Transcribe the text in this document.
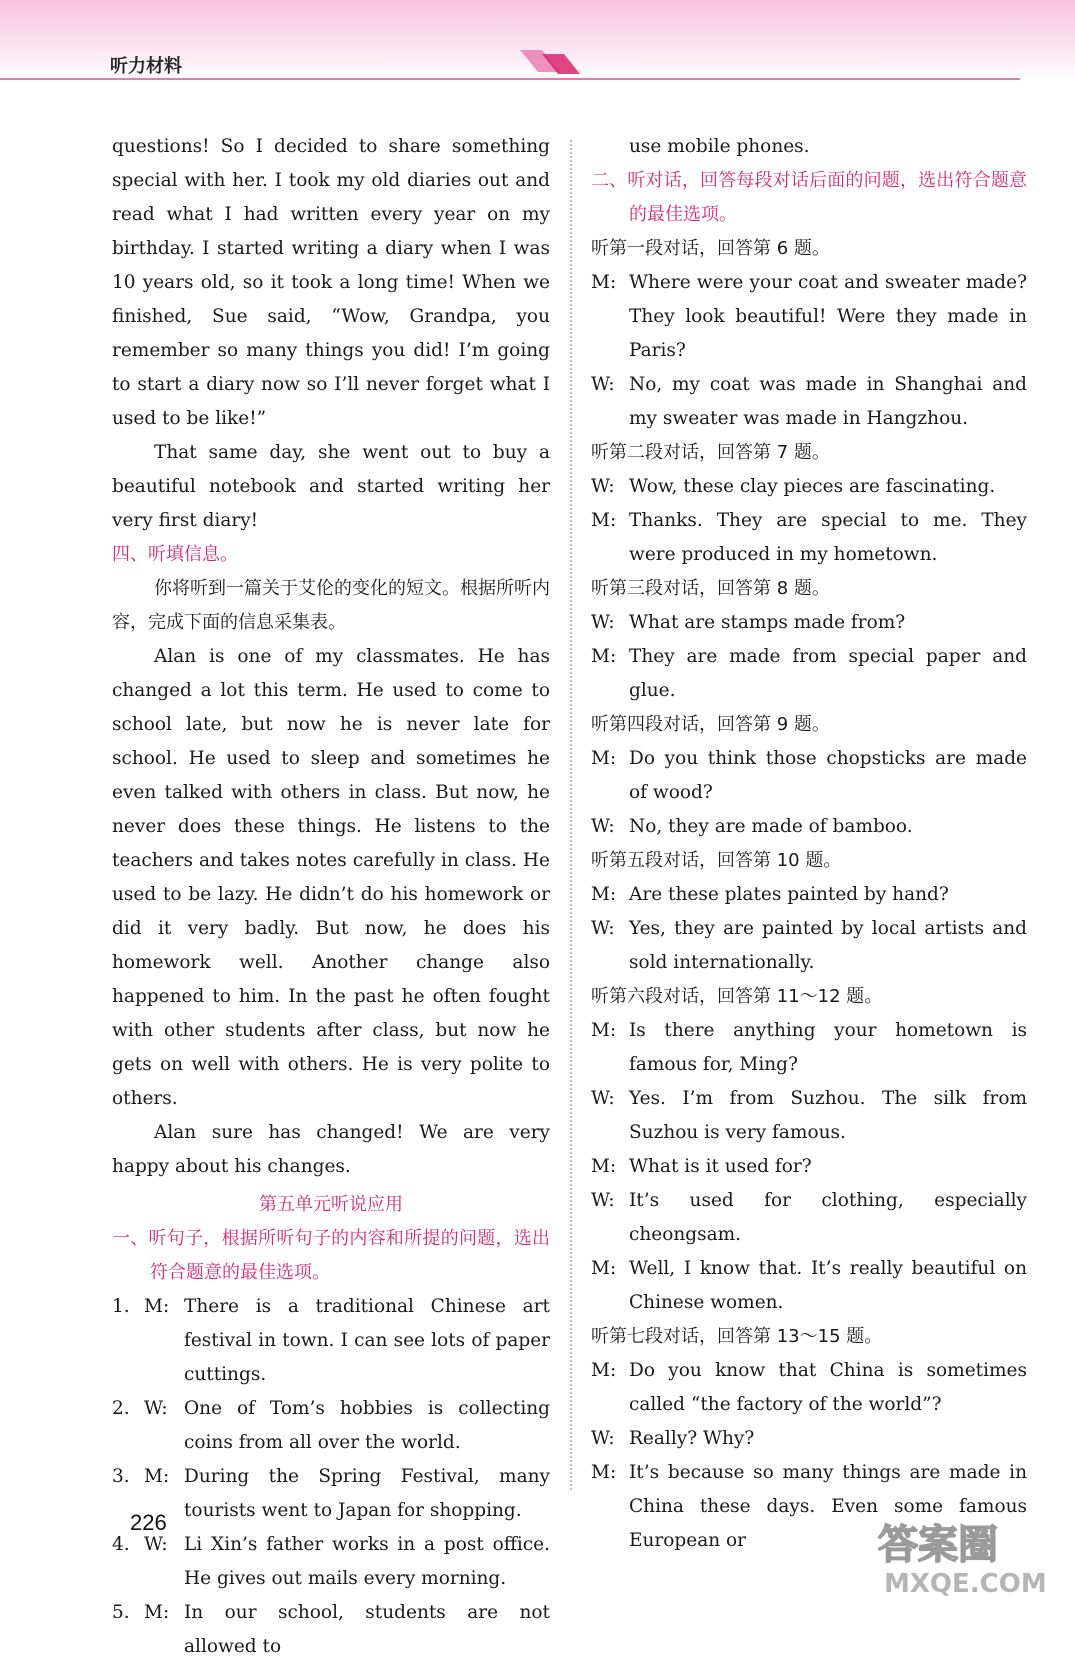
听力材料

questions! So I decided to share something special with her. I took my old diaries out and read what I had written every year on my birthday. I started writing a diary when I was 10 years old, so it took a long time! When we finished, Sue said, “Wow, Grandpa, you remember so many things you did! I’m going to start a diary now so I’ll never forget what I used to be like!”

That same day, she went out to buy a beautiful notebook and started writing her very first diary!

四、听填信息。

你将听到一篇关于艾伦的变化的短文。根据所听内容，完成下面的信息采集表。

Alan is one of my classmates. He has changed a lot this term. He used to come to school late, but now he is never late for school. He used to sleep and sometimes he even talked with others in class. But now, he never does these things. He listens to the teachers and takes notes carefully in class. He used to be lazy. He didn’t do his homework or did it very badly. But now, he does his homework well. Another change also happened to him. In the past he often fought with other students after class, but now he gets on well with others. He is very polite to others.

Alan sure has changed! We are very happy about his changes.

第五单元听说应用

一、听句子，根据所听句子的内容和所提的问题，选出符合题意的最佳选项。

1. M: There is a traditional Chinese art festival in town. I can see lots of paper cuttings.
2. W: One of Tom’s hobbies is collecting coins from all over the world.
3. M: During the Spring Festival, many tourists went to Japan for shopping.
4. W: Li Xin’s father works in a post office. He gives out mails every morning.
5. M: In our school, students are not allowed to

use mobile phones.

二、听对话，回答每段对话后面的问题，选出符合题意的最佳选项。

听第一段对话，回答第 6 题。

M: Where were your coat and sweater made? They look beautiful! Were they made in Paris?
W: No, my coat was made in Shanghai and my sweater was made in Hangzhou.

听第二段对话，回答第 7 题。

W: Wow, these clay pieces are fascinating.
M: Thanks. They are special to me. They were produced in my hometown.

听第三段对话，回答第 8 题。

W: What are stamps made from?
M: They are made from special paper and glue.

听第四段对话，回答第 9 题。

M: Do you think those chopsticks are made of wood?
W: No, they are made of bamboo.

听第五段对话，回答第 10 题。

M: Are these plates painted by hand?
W: Yes, they are painted by local artists and sold internationally.

听第六段对话，回答第 11～12 题。

M: Is there anything your hometown is famous for, Ming?
W: Yes. I’m from Suzhou. The silk from Suzhou is very famous.
M: What is it used for?
W: It’s used for clothing, especially cheongsam.
M: Well, I know that. It’s really beautiful on Chinese women.

听第七段对话，回答第 13～15 题。

M: Do you know that China is sometimes called “the factory of the world”?
W: Really? Why?
M: It’s because so many things are made in China these days. Even some famous European or
226	答案圈
MXQE.COM
